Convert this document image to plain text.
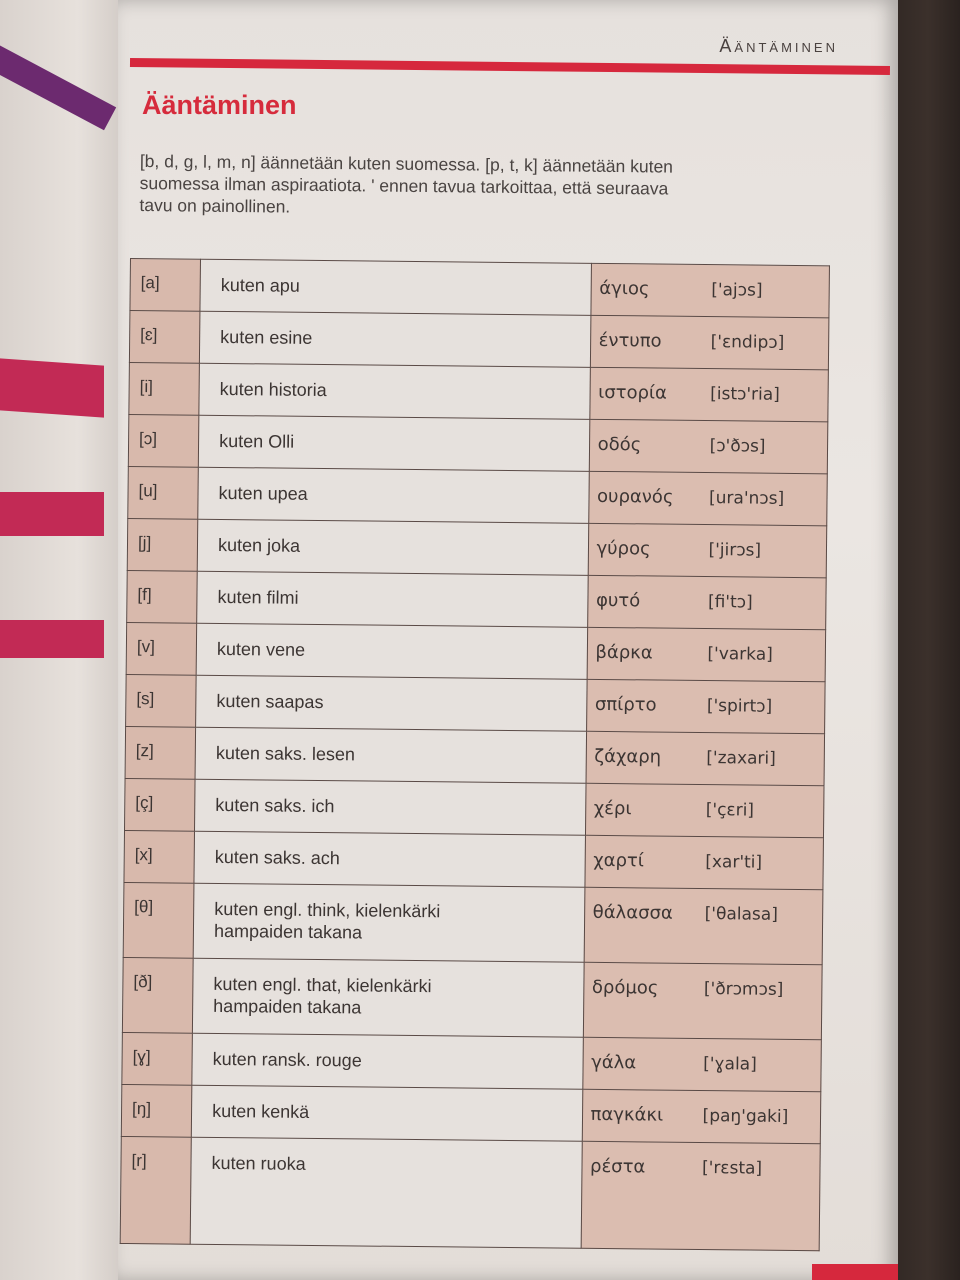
Ääntäminen
Ääntäminen
[b, d, g, l, m, n] äännetään kuten suomessa. [p, t, k] äännetään kuten
suomessa ilman aspiraatiota. ' ennen tavua tarkoittaa, että seuraava
tavu on painollinen.
[a]	kuten apu	άγιος ['ajɔs]
[ɛ]	kuten esine	έντυπο ['ɛndipɔ]
[i]	kuten historia	ιστορία [istɔ'ria]
[ɔ]	kuten Olli	οδός [ɔ'ðɔs]
[u]	kuten upea	ουρανός [ura'nɔs]
[j]	kuten joka	γύρος ['jirɔs]
[f]	kuten filmi	φυτό [fi'tɔ]
[v]	kuten vene	βάρκα ['varka]
[s]	kuten saapas	σπίρτο ['spirtɔ]
[z]	kuten saks. lesen	ζάχαρη ['zaxari]
[ç]	kuten saks. ich	χέρι ['çɛri]
[x]	kuten saks. ach	χαρτί [xar'ti]
[θ]	kuten engl. think, kielenkärki
hampaiden takana	θάλασσα ['θalasa]
[ð]	kuten engl. that, kielenkärki
hampaiden takana	δρόμος ['ðrɔmɔs]
[ɣ]	kuten ransk. rouge	γάλα ['ɣala]
[ŋ]	kuten kenkä	παγκάκι [paŋ'gaki]
[r]	kuten ruoka	ρέστα ['rɛsta]
